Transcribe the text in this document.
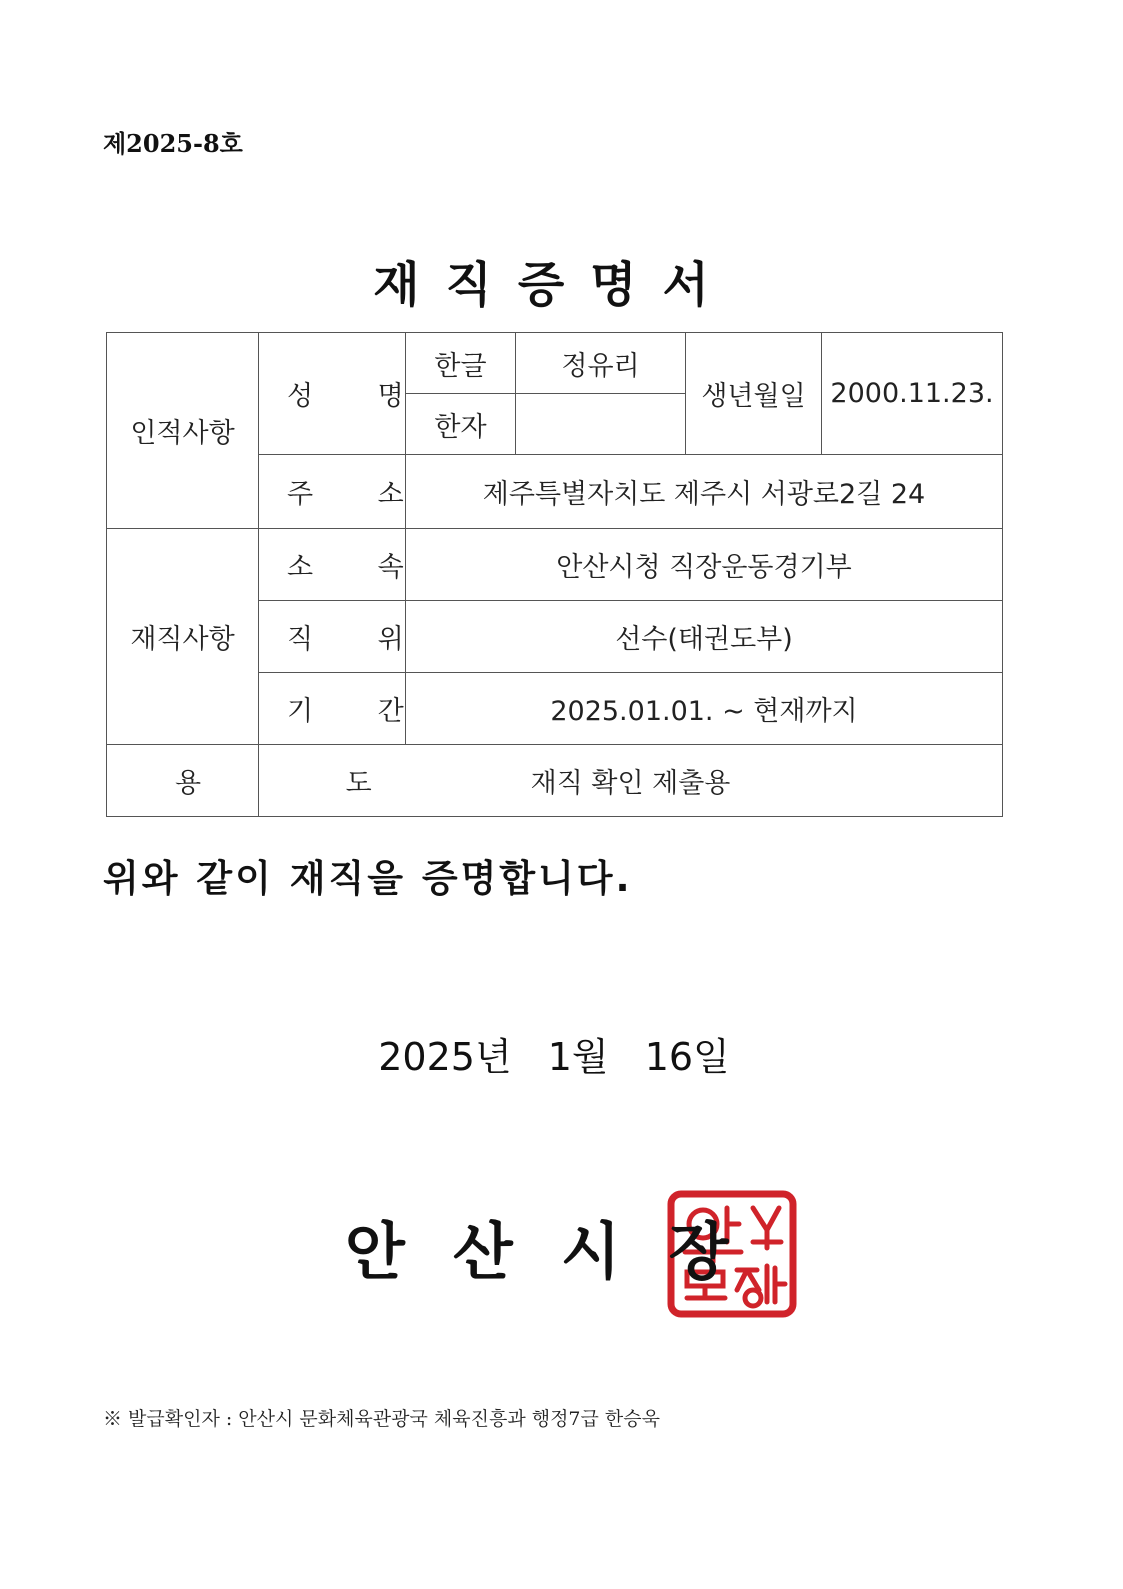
제2025-8호
재직증명서
인적사항	성 명	한글	정유리	생년월일	2000.11.23.
		한자			
	주 소	제주특별자치도 제주시 서광로2길 24			
재직사항	소 속	안산시청 직장운동경기부			
	직 위	선수(태권도부)			
	기 간	2025.01.01. ~ 현재까지			
용 도	재직 확인 제출용				
위와 같이 재직을 증명합니다.
2025년 1월 16일
안산시장
※ 발급확인자 : 안산시 문화체육관광국 체육진흥과 행정7급 한승욱
